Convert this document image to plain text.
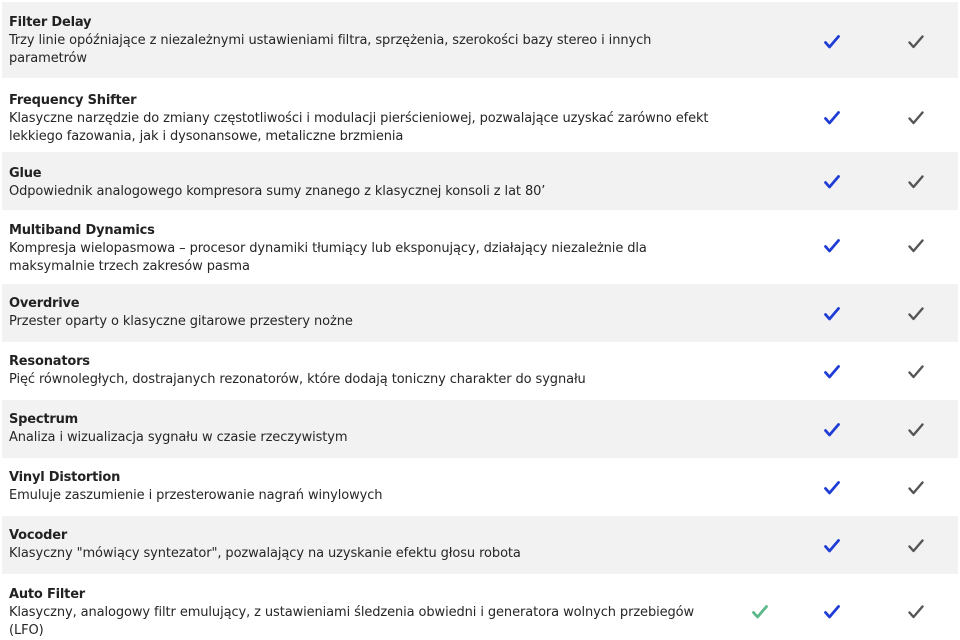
Filter Delay
Trzy linie opóźniające z niezależnymi ustawieniami filtra, sprzężenia, szerokości bazy stereo i innych parametrów
Frequency Shifter
Klasyczne narzędzie do zmiany częstotliwości i modulacji pierścieniowej, pozwalające uzyskać zarówno efekt lekkiego fazowania, jak i dysonansowe, metaliczne brzmienia
Glue
Odpowiednik analogowego kompresora sumy znanego z klasycznej konsoli z lat 80’
Multiband Dynamics
Kompresja wielopasmowa – procesor dynamiki tłumiący lub eksponujący, działający niezależnie dla maksymalnie trzech zakresów pasma
Overdrive
Przester oparty o klasyczne gitarowe przestery nożne
Resonators
Pięć równoległych, dostrajanych rezonatorów, które dodają toniczny charakter do sygnału
Spectrum
Analiza i wizualizacja sygnału w czasie rzeczywistym
Vinyl Distortion
Emuluje zaszumienie i przesterowanie nagrań winylowych
Vocoder
Klasyczny "mówiący syntezator", pozwalający na uzyskanie efektu głosu robota
Auto Filter
Klasyczny, analogowy filtr emulujący, z ustawieniami śledzenia obwiedni i generatora wolnych przebiegów (LFO)
